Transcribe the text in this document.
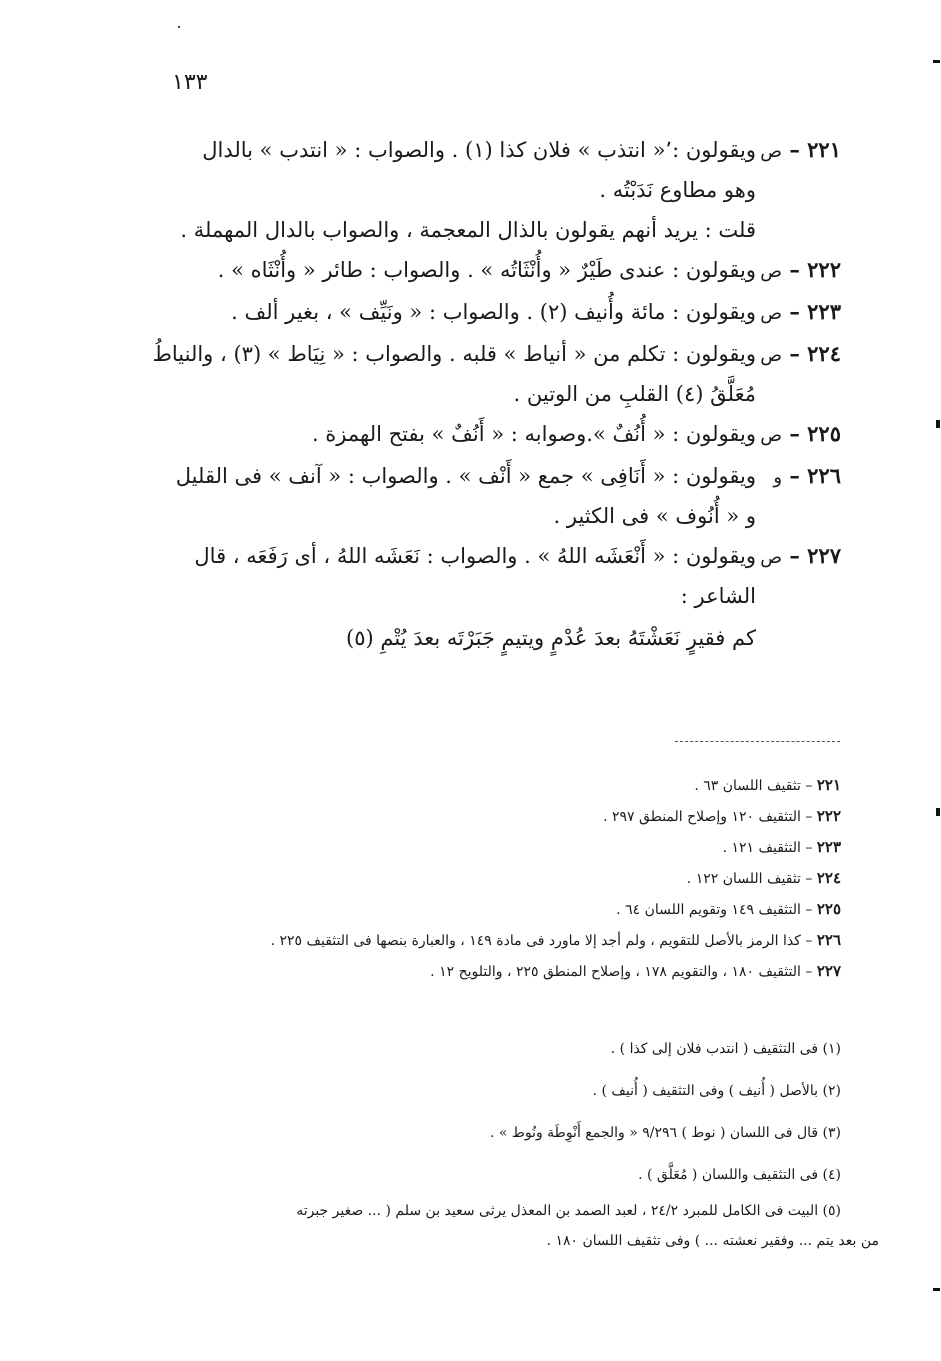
١٣٣
٢٢١ – ص
ويقولون :٬« انتذب » فلان كذا (١) . والصواب : « انتدب » بالدال
وهو مطاوع نَدَبْتُه .
قلت : يريد أنهم يقولون بالذال المعجمة ، والصواب بالدال المهملة .
٢٢٢ – ص
ويقولون : عندى طَيْرٌ « وأُنْثَاتُه » . والصواب : طائر « وأُنْثَاه » .
٢٢٣ – ص
ويقولون : مائة وأُنيف (٢) . والصواب : « ونَيِّف » ، بغير ألف .
٢٢٤ – ص
ويقولون : تكلم من « أنياط » قلبه . والصواب : « نِيَاط » (٣) ، والنياطُ
مُعَلَّقُ (٤) القلبِ من الوتين .
٢٢٥ – ص
ويقولون : « أُنُفٌ ».وصوابه : « أَنُفٌ » بفتح الهمزة .
٢٢٦ – و
ويقولون : « أَنَافِى » جمع « أَنْف » . والصواب : « آنف » فى القليل
و « أُنُوف » فى الكثير .
٢٢٧ – ص
ويقولون : « أَنْعَشَه اللهُ » . والصواب : نَعَشَه اللهُ ، أى رَفَعَه ، قال
الشاعر :
كم فقيرٍ نَعَشْتَهُ بعدَ عُدْمٍ ويتيمٍ جَبَرْتَه بعدَ يُتْمِ (٥)
٢٢١ – تثقيف اللسان ٦٣ .
٢٢٢ – التثقيف ١٢٠ وإصلاح المنطق ٢٩٧ .
٢٢٣ – التثقيف ١٢١ .
٢٢٤ – تثقيف اللسان ١٢٢ .
٢٢٥ – التثقيف ١٤٩ وتقويم اللسان ٦٤ .
٢٢٦ – كذا الرمز بالأصل للتقويم ، ولم أجد إلا ماورد فى مادة ١٤٩ ، والعبارة بنصها فى التثقيف ٢٢٥ .
٢٢٧ – التثقيف ١٨٠ ، والتقويم ١٧٨ ، وإصلاح المنطق ٢٢٥ ، والتلويح ١٢ .
(١) فى التثقيف ( انتدب فلان إلى كذا ) .
(٢) بالأصل ( أُنيف ) وفى التثقيف ( أُنيف ) .
(٣) قال فى اللسان ( نوط ) ٩/٢٩٦ « والجمع أَنْوِطَة ونُوط » .
(٤) فى التثقيف واللسان ( مُعَلَّق ) .
(٥) البيت فى الكامل للمبرد ٢٤/٢ ، لعبد الصمد بن المعذل يرثى سعيد بن سلم ( ... صغير جبرته
من بعد يتم ... وفقير نعشته ... ) وفى تثقيف اللسان ١٨٠ .
